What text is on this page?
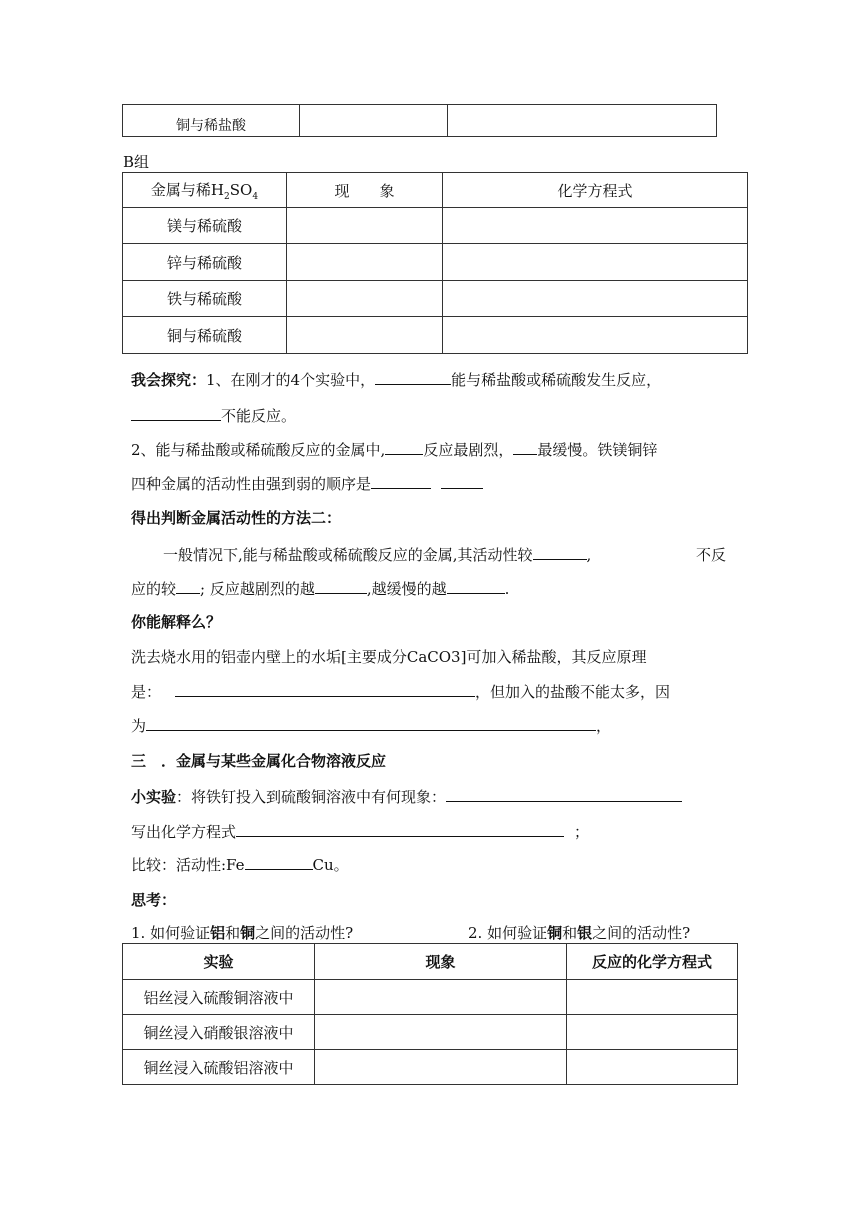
铜与稀盐酸		
B组
金属与稀$H_2SO_4$	现　　象	化学方程式
镁与稀硫酸		
锌与稀硫酸		
铁与稀硫酸		
铜与稀硫酸		
我会探究：1、在刚才的4个实验中，	能与稀盐酸或稀硫酸发生反应，
不能反应。
2、能与稀盐酸或稀硫酸反应的金属中,	反应最剧烈， 最缓慢。铁镁铜锌
四种金属的活动性由强到弱的顺序是
得出判断金属活动性的方法二：
一般情况下,能与稀盐酸或稀硫酸反应的金属,其活动性较	,	不反
应的较 ; 反应越剧烈的越	,越缓慢的越	.
你能解释么？
洗去烧水用的铝壶内壁上的水垢[主要成分CaCO3]可加入稀盐酸，其反应原理
是：	，但加入的盐酸不能太多，因
为	，
三　．金属与某些金属化合物溶液反应
小实验：将铁钉投入到硫酸铜溶液中有何现象：
写出化学方程式	；
比较：活动性:Fe	Cu。
思考：
1. 如何验证铝和铜之间的活动性?	2. 如何验证铜和银之间的活动性?
实验	现象	反应的化学方程式
铝丝浸入硫酸铜溶液中		
铜丝浸入硝酸银溶液中		
铜丝浸入硫酸铝溶液中		
